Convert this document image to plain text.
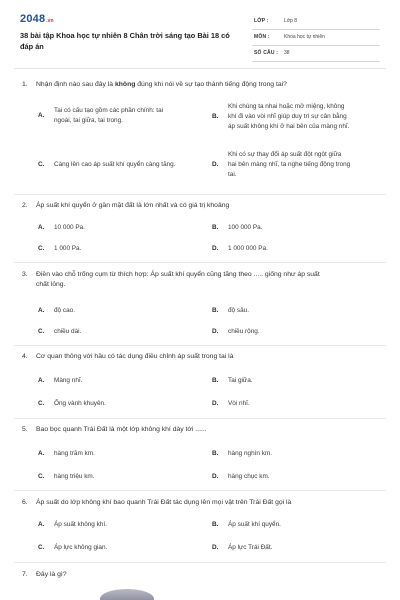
2048 .vn
38 bài tập Khoa học tự nhiên 8 Chân trời sáng tạo Bài 18 có đáp án
LỚP :	Lớp 8
MÔN :	Khoa học tự nhiên
SỐ CÂU : 38
1. Nhận định nào sau đây là không đúng khi nói về sự tạo thành tiếng động trong tai?
A.
Tai có cấu tạo gồm các phần chính: tai
ngoài, tai giữa, tai trong.
B.
Khi chúng ta nhai hoặc mở miệng, không
khí đi vào vòi nhĩ giúp duy trì sự cân bằng
áp suất không khí ở hai bên của màng nhĩ.
C. Càng lên cao áp suất khí quyển càng tăng.	D.
Khi có sự thay đổi áp suất đột ngột giữa
hai bên màng nhĩ, ta nghe tiếng động trong
tai.
2. Áp suất khí quyển ở gần mặt đất là lớn nhất và có giá trị khoảng
A. 10 000 Pa.	B. 100 000 Pa.
C. 1 000 Pa.	D. 1 000 000 Pa.
3. Điền vào chỗ trống cụm từ thích hợp: Áp suất khí quyển cũng tăng theo ..... giống như áp suất
chất lỏng.
A. độ cao.	B. độ sâu.
C. chiều dài.	D. chiều rộng.
4. Cơ quan thông với hầu có tác dụng điều chỉnh áp suất trong tai là
A. Màng nhĩ.	B. Tai giữa.
C. Ống vành khuyên.	D. Vòi nhĩ.
5. Bao bọc quanh Trái Đất là một lớp không khí dày tới ......
A. hàng trăm km.	B. hàng nghìn km.
C. hàng triệu km.	D. hàng chục km.
6. Áp suất do lớp không khí bao quanh Trái Đất tác dụng lên mọi vật trên Trái Đất gọi là
A. Áp suất không khí.	B. Áp suất khí quyển.
C. Áp lực không gian.	D. Áp lực Trái Đất.
7. Đây là gì?
